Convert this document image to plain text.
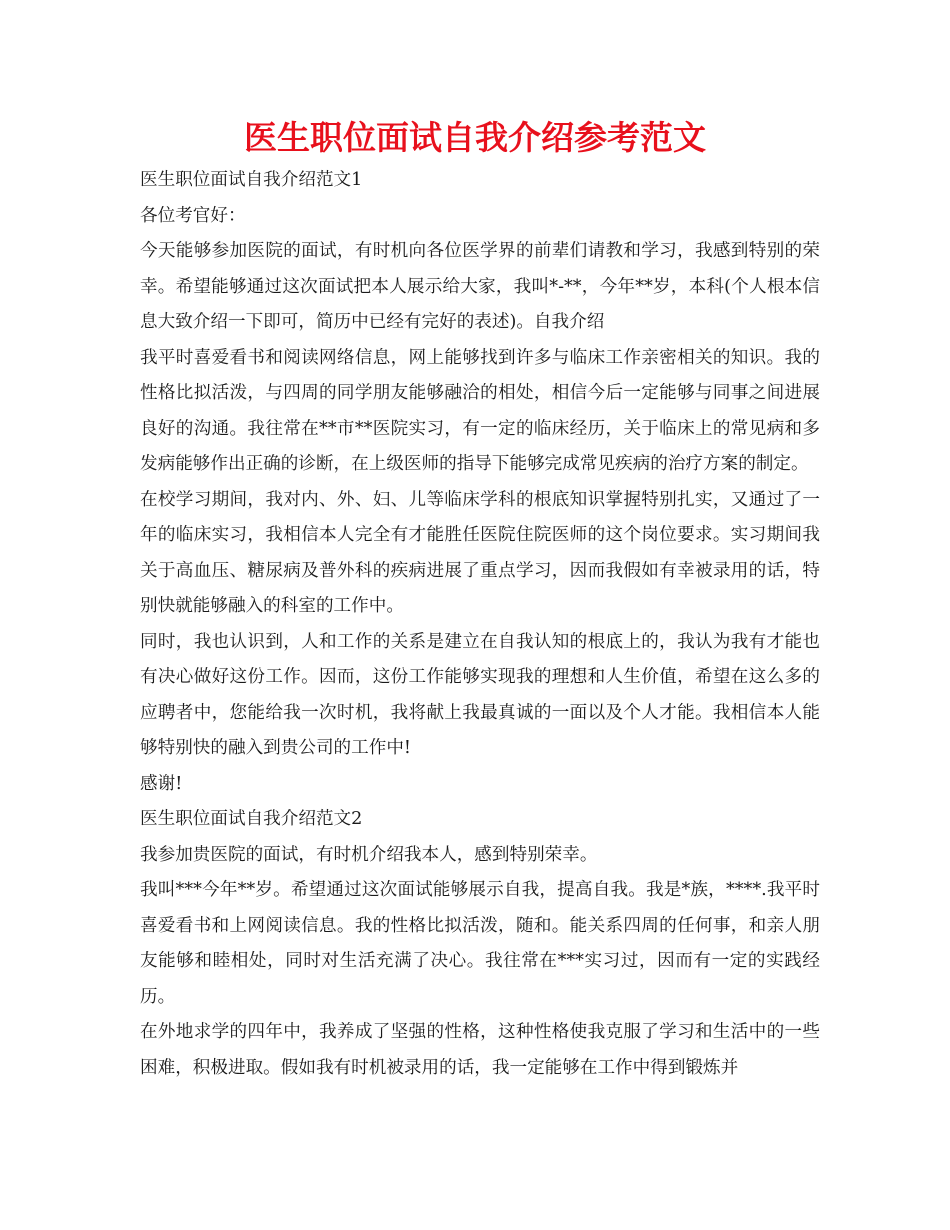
医生职位面试自我介绍参考范文

医生职位面试自我介绍范文1

各位考官好：

今天能够参加医院的面试，有时机向各位医学界的前辈们请教和学习，我感到特别的荣幸。希望能够通过这次面试把本人展示给大家，我叫*-**，今年**岁，本科(个人根本信息大致介绍一下即可，简历中已经有完好的表述)。自我介绍

我平时喜爱看书和阅读网络信息，网上能够找到许多与临床工作亲密相关的知识。我的性格比拟活泼，与四周的同学朋友能够融洽的相处，相信今后一定能够与同事之间进展良好的沟通。我往常在**市**医院实习，有一定的临床经历，关于临床上的常见病和多发病能够作出正确的诊断，在上级医师的指导下能够完成常见疾病的治疗方案的制定。

在校学习期间，我对内、外、妇、儿等临床学科的根底知识掌握特别扎实，又通过了一年的临床实习，我相信本人完全有才能胜任医院住院医师的这个岗位要求。实习期间我关于高血压、糖尿病及普外科的疾病进展了重点学习，因而我假如有幸被录用的话，特别快就能够融入的科室的工作中。

同时，我也认识到，人和工作的关系是建立在自我认知的根底上的，我认为我有才能也有决心做好这份工作。因而，这份工作能够实现我的理想和人生价值，希望在这么多的应聘者中，您能给我一次时机，我将献上我最真诚的一面以及个人才能。我相信本人能够特别快的融入到贵公司的工作中!

感谢!

医生职位面试自我介绍范文2

我参加贵医院的面试，有时机介绍我本人，感到特别荣幸。

我叫***今年**岁。希望通过这次面试能够展示自我，提高自我。我是*族，****.我平时喜爱看书和上网阅读信息。我的性格比拟活泼，随和。能关系四周的任何事，和亲人朋友能够和睦相处，同时对生活充满了决心。我往常在***实习过，因而有一定的实践经历。

在外地求学的四年中，我养成了坚强的性格，这种性格使我克服了学习和生活中的一些困难，积极进取。假如我有时机被录用的话，我一定能够在工作中得到锻炼并
